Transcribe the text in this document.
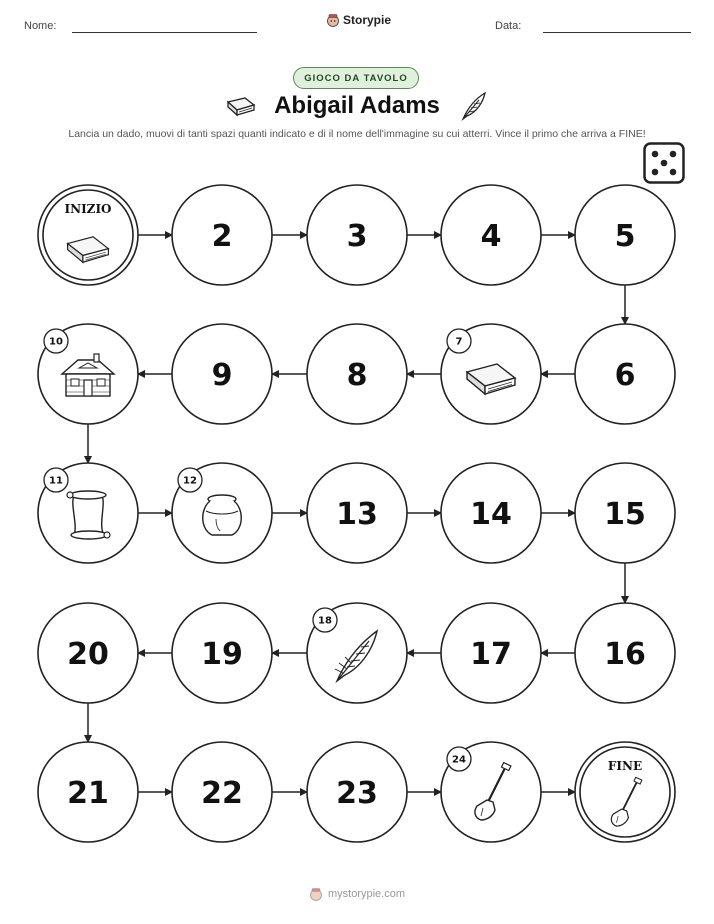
Nome:	Storypie	Data:
GIOCO DA TAVOLO
Abigail Adams
Lancia un dado, muovi di tanti spazi quanti indicato e di il nome dell'immagine su cui atterri. Vince il primo che arriva a FINE!
INIZIO
2	3	4	5
6
7
8
9
10
11	12
13	14	15
16
17
18
19
20
21	22	23
24	FINE
mystorypie.com
